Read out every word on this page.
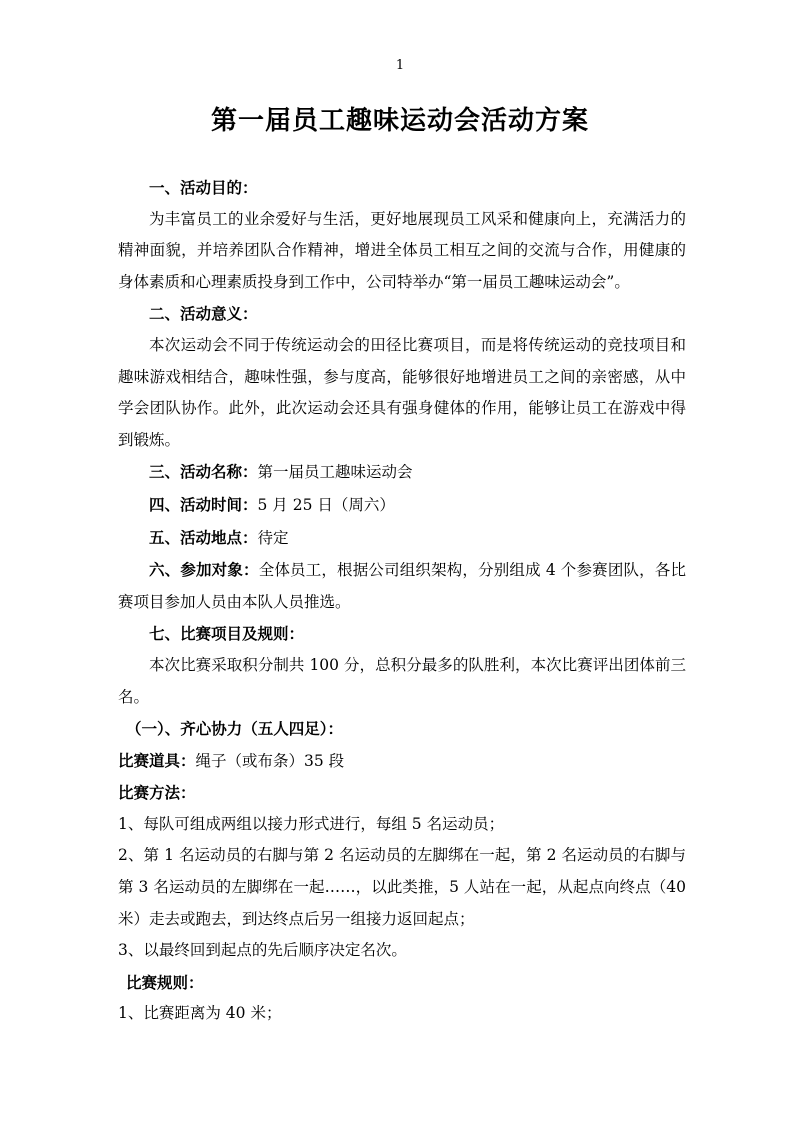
1
第一届员工趣味运动会活动方案

一、活动目的：

为丰富员工的业余爱好与生活，更好地展现员工风采和健康向上，充满活力的精神面貌，并培养团队合作精神，增进全体员工相互之间的交流与合作，用健康的身体素质和心理素质投身到工作中，公司特举办“第一届员工趣味运动会”。

二、活动意义：

本次运动会不同于传统运动会的田径比赛项目，而是将传统运动的竞技项目和趣味游戏相结合，趣味性强，参与度高，能够很好地增进员工之间的亲密感，从中学会团队协作。此外，此次运动会还具有强身健体的作用，能够让员工在游戏中得到锻炼。

三、活动名称：第一届员工趣味运动会

四、活动时间：5 月 25 日（周六）

五、活动地点：待定

六、参加对象：全体员工，根据公司组织架构，分别组成 4 个参赛团队，各比赛项目参加人员由本队人员推选。

七、比赛项目及规则：

本次比赛采取积分制共 100 分，总积分最多的队胜利，本次比赛评出团体前三名。

（一）、齐心协力（五人四足）：

比赛道具：绳子（或布条）35 段

比赛方法：

1、每队可组成两组以接力形式进行，每组 5 名运动员；

2、第 1 名运动员的右脚与第 2 名运动员的左脚绑在一起，第 2 名运动员的右脚与第 3 名运动员的左脚绑在一起……，以此类推，5 人站在一起，从起点向终点（40 米）走去或跑去，到达终点后另一组接力返回起点；

3、以最终回到起点的先后顺序决定名次。

比赛规则：

1、比赛距离为 40 米；
